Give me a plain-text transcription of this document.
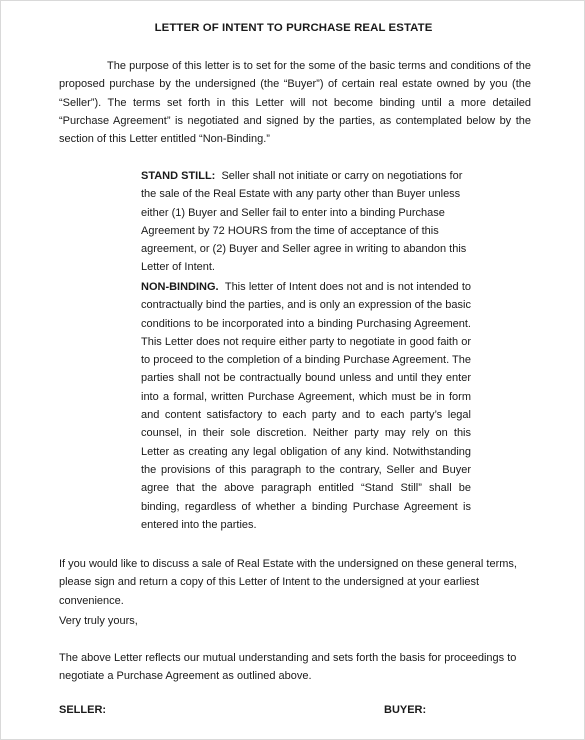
LETTER OF INTENT TO PURCHASE REAL ESTATE

The purpose of this letter is to set for the some of the basic terms and conditions of the proposed purchase by the undersigned (the “Buyer”) of certain real estate owned by you (the “Seller”). The terms set forth in this Letter will not become binding until a more detailed “Purchase Agreement” is negotiated and signed by the parties, as contemplated below by the section of this Letter entitled “Non-Binding.”

STAND STILL: Seller shall not initiate or carry on negotiations for the sale of the Real Estate with any party other than Buyer unless either (1) Buyer and Seller fail to enter into a binding Purchase Agreement by 72 HOURS from the time of acceptance of this agreement, or (2) Buyer and Seller agree in writing to abandon this Letter of Intent.

NON-BINDING. This letter of Intent does not and is not intended to contractually bind the parties, and is only an expression of the basic conditions to be incorporated into a binding Purchasing Agreement. This Letter does not require either party to negotiate in good faith or to proceed to the completion of a binding Purchase Agreement. The parties shall not be contractually bound unless and until they enter into a formal, written Purchase Agreement, which must be in form and content satisfactory to each party and to each party’s legal counsel, in their sole discretion. Neither party may rely on this Letter as creating any legal obligation of any kind. Notwithstanding the provisions of this paragraph to the contrary, Seller and Buyer agree that the above paragraph entitled “Stand Still” shall be binding, regardless of whether a binding Purchase Agreement is entered into the parties.

If you would like to discuss a sale of Real Estate with the undersigned on these general terms, please sign and return a copy of this Letter of Intent to the undersigned at your earliest convenience.

Very truly yours,

The above Letter reflects our mutual understanding and sets forth the basis for proceedings to negotiate a Purchase Agreement as outlined above.

SELLER:	BUYER:
